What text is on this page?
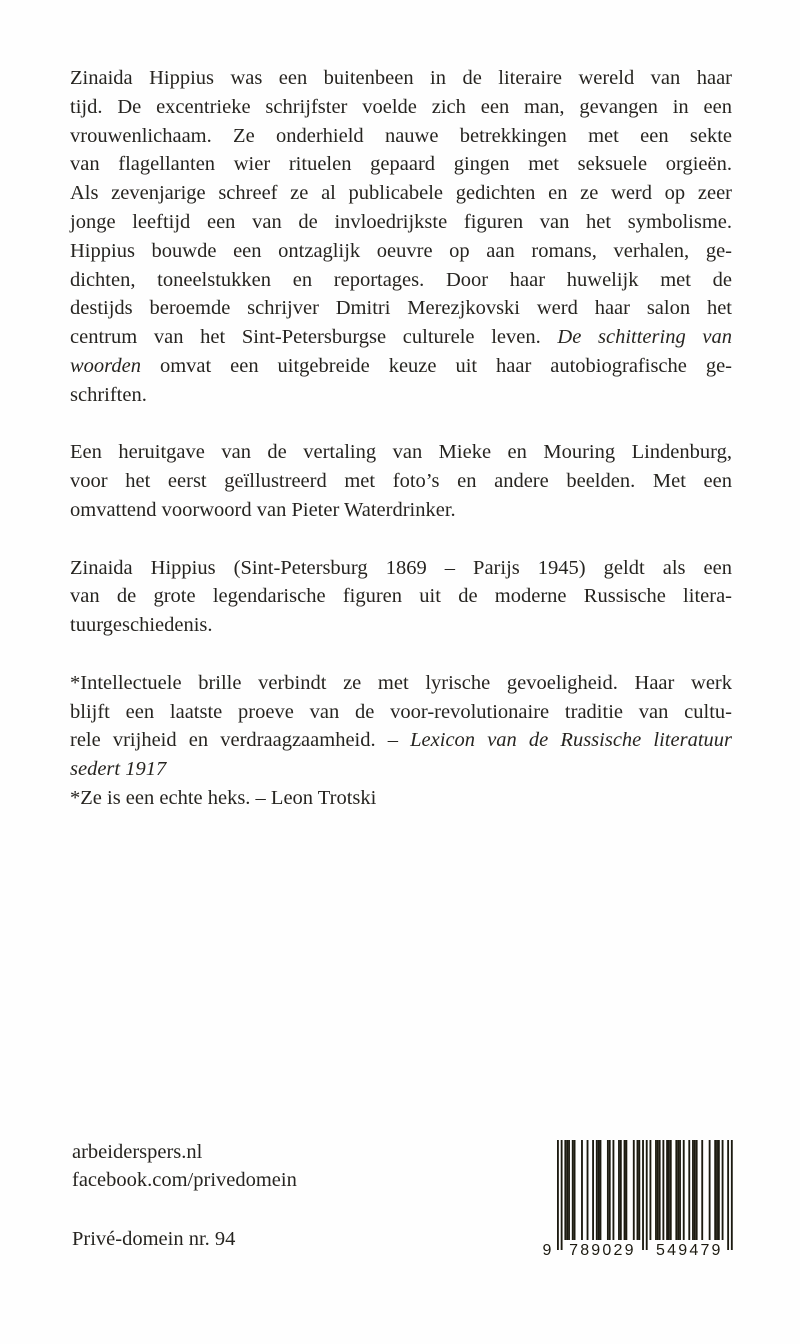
Zinaida Hippius was een buitenbeen in de literaire wereld van haar
tijd. De excentrieke schrijfster voelde zich een man, gevangen in een
vrouwenlichaam. Ze onderhield nauwe betrekkingen met een sekte
van flagellanten wier rituelen gepaard gingen met seksuele orgieën.
Als zevenjarige schreef ze al publicabele gedichten en ze werd op zeer
jonge leeftijd een van de invloedrijkste figuren van het symbolisme.
Hippius bouwde een ontzaglijk oeuvre op aan romans, verhalen, ge-
dichten, toneelstukken en reportages. Door haar huwelijk met de
destijds beroemde schrijver Dmitri Merezjkovski werd haar salon het
centrum van het Sint-Petersburgse culturele leven. De schittering van
woorden omvat een uitgebreide keuze uit haar autobiografische ge-
schriften.

Een heruitgave van de vertaling van Mieke en Mouring Lindenburg,
voor het eerst geïllustreerd met foto’s en andere beelden. Met een
omvattend voorwoord van Pieter Waterdrinker.

Zinaida Hippius (Sint-Petersburg 1869 – Parijs 1945) geldt als een
van de grote legendarische figuren uit de moderne Russische litera-
tuurgeschiedenis.

*Intellectuele brille verbindt ze met lyrische gevoeligheid. Haar werk
blijft een laatste proeve van de voor-revolutionaire traditie van cultu-
rele vrijheid en verdraagzaamheid. – Lexicon van de Russische literatuur
sedert 1917
*Ze is een echte heks. – Leon Trotski

arbeiderspers.nl
facebook.com/privedomein
Privé-domein nr. 94
9 789029 549479
